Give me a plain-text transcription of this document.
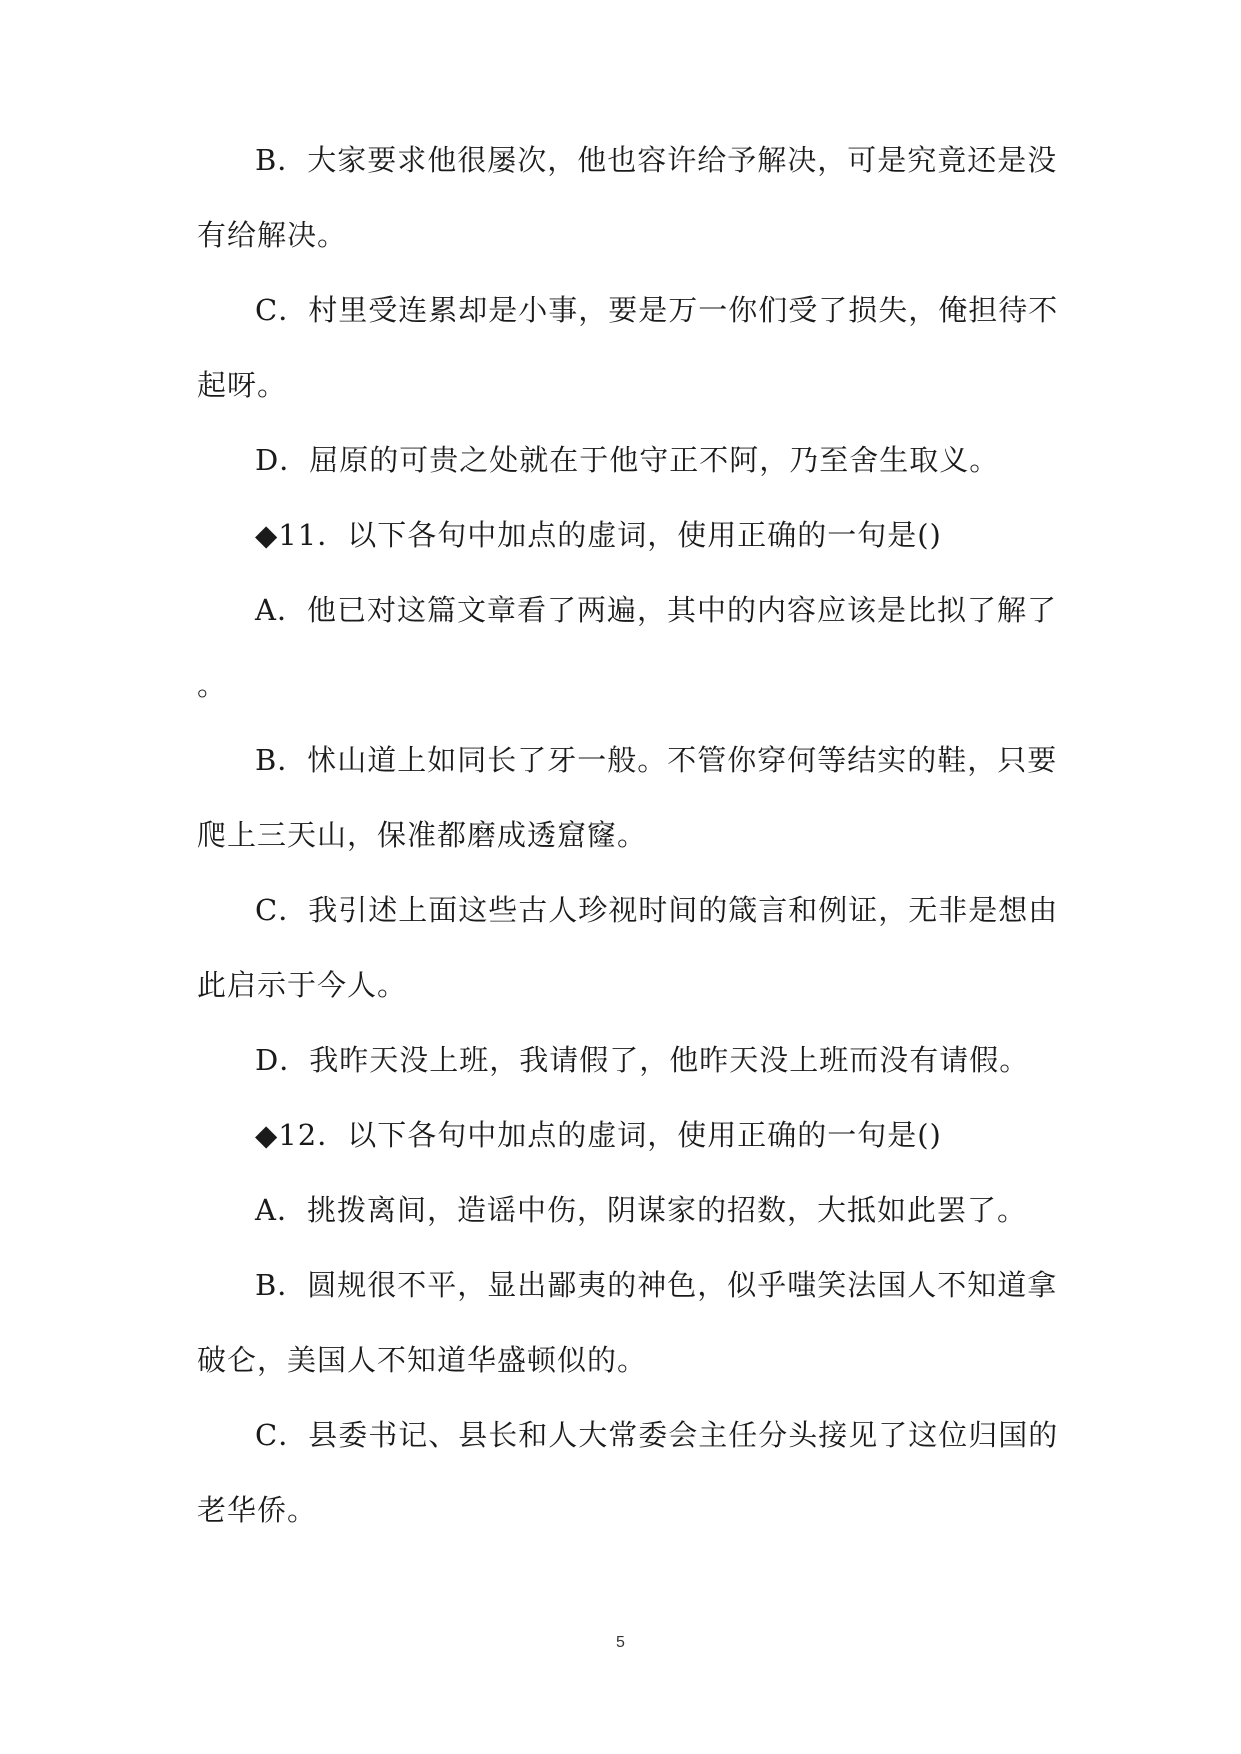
B．大家要求他很屡次，他也容许给予解决，可是究竟还是没
有给解决。
C．村里受连累却是小事，要是万一你们受了损失，俺担待不
起呀。
D．屈原的可贵之处就在于他守正不阿，乃至舍生取义。
◆11．以下各句中加点的虚词，使用正确的一句是()
A．他已对这篇文章看了两遍，其中的内容应该是比拟了解了
。
B．怵山道上如同长了牙一般。不管你穿何等结实的鞋，只要
爬上三天山，保准都磨成透窟窿。
C．我引述上面这些古人珍视时间的箴言和例证，无非是想由
此启示于今人。
D．我昨天没上班，我请假了，他昨天没上班而没有请假。
◆12．以下各句中加点的虚词，使用正确的一句是()
A．挑拨离间，造谣中伤，阴谋家的招数，大抵如此罢了。
B．圆规很不平，显出鄙夷的神色，似乎嗤笑法国人不知道拿
破仑，美国人不知道华盛顿似的。
C．县委书记、县长和人大常委会主任分头接见了这位归国的
老华侨。
5
